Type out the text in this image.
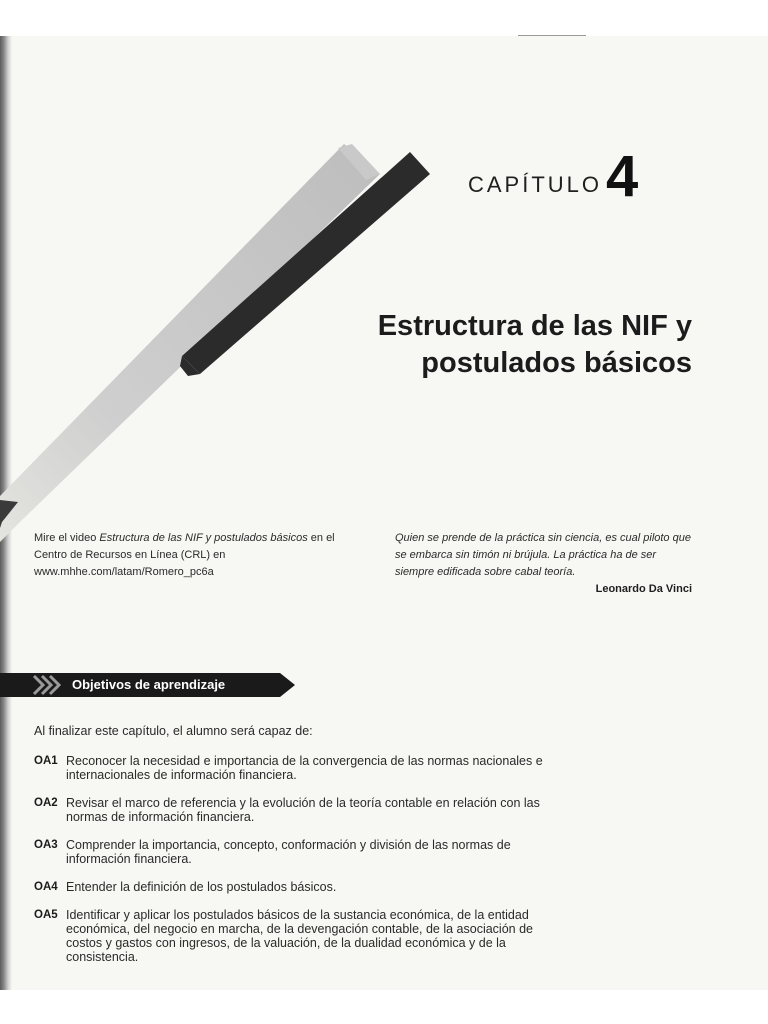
CAPÍTULO 4
Estructura de las NIF y
postulados básicos
Mire el video Estructura de las NIF y postulados básicos en el Centro de Recursos en Línea (CRL) en www.mhhe.com/latam/Romero_pc6a
Quien se prende de la práctica sin ciencia, es cual piloto que se embarca sin timón ni brújula. La práctica ha de ser siempre edificada sobre cabal teoría.
Leonardo Da Vinci
Objetivos de aprendizaje
Al finalizar este capítulo, el alumno será capaz de:
OA1 Reconocer la necesidad e importancia de la convergencia de las normas nacionales e internacionales de información financiera.
OA2 Revisar el marco de referencia y la evolución de la teoría contable en relación con las normas de información financiera.
OA3 Comprender la importancia, concepto, conformación y división de las normas de información financiera.
OA4 Entender la definición de los postulados básicos.
OA5 Identificar y aplicar los postulados básicos de la sustancia económica, de la entidad económica, del negocio en marcha, de la devengación contable, de la asociación de costos y gastos con ingresos, de la valuación, de la dualidad económica y de la consistencia.
